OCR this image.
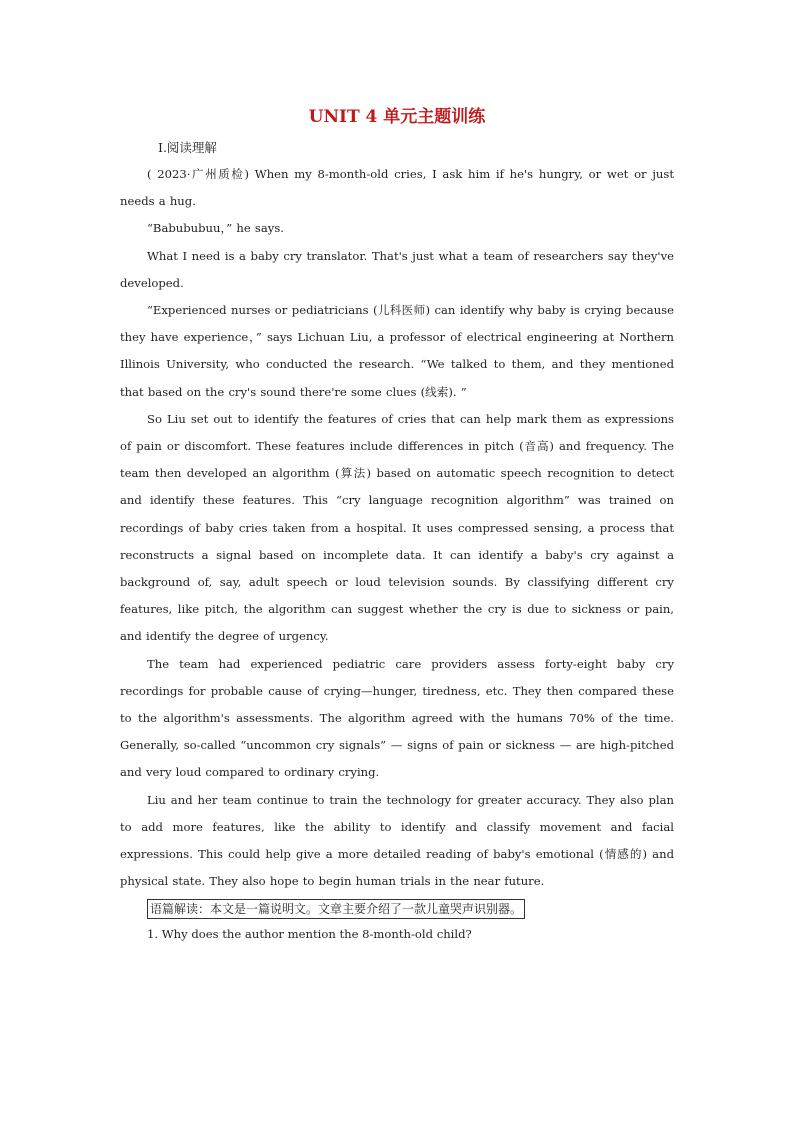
UNIT 4 单元主题训练

Ⅰ.阅读理解

( 2023·广州质检) When my 8-month-old cries, I ask him if he's hungry, or wet or just needs a hug.

“Babububuu，” he says.

What I need is a baby cry translator. That's just what a team of researchers say they've developed.

“Experienced nurses or pediatricians (儿科医师) can identify why baby is crying because they have experience，” says Lichuan Liu, a professor of electrical engineering at Northern Illinois University, who conducted the research. “We talked to them, and they mentioned that based on the cry's sound there're some clues (线索). ”

So Liu set out to identify the features of cries that can help mark them as expressions of pain or discomfort. These features include differences in pitch (音高) and frequency. The team then developed an algorithm (算法) based on automatic speech recognition to detect and identify these features. This “cry language recognition algorithm” was trained on recordings of baby cries taken from a hospital. It uses compressed sensing, a process that reconstructs a signal based on incomplete data. It can identify a baby's cry against a background of, say, adult speech or loud television sounds. By classifying different cry features, like pitch, the algorithm can suggest whether the cry is due to sickness or pain, and identify the degree of urgency.

The team had experienced pediatric care providers assess forty-eight baby cry recordings for probable cause of crying—hunger, tiredness, etc. They then compared these to the algorithm's assessments. The algorithm agreed with the humans 70% of the time. Generally, so-called “uncommon cry signals” — signs of pain or sickness — are high-pitched and very loud compared to ordinary crying.

Liu and her team continue to train the technology for greater accuracy. They also plan to add more features, like the ability to identify and classify movement and facial expressions. This could help give a more detailed reading of baby's emotional (情感的) and physical state. They also hope to begin human trials in the near future.

语篇解读：本文是一篇说明文。文章主要介绍了一款儿童哭声识别器。

1. Why does the author mention the 8-month-old child?
